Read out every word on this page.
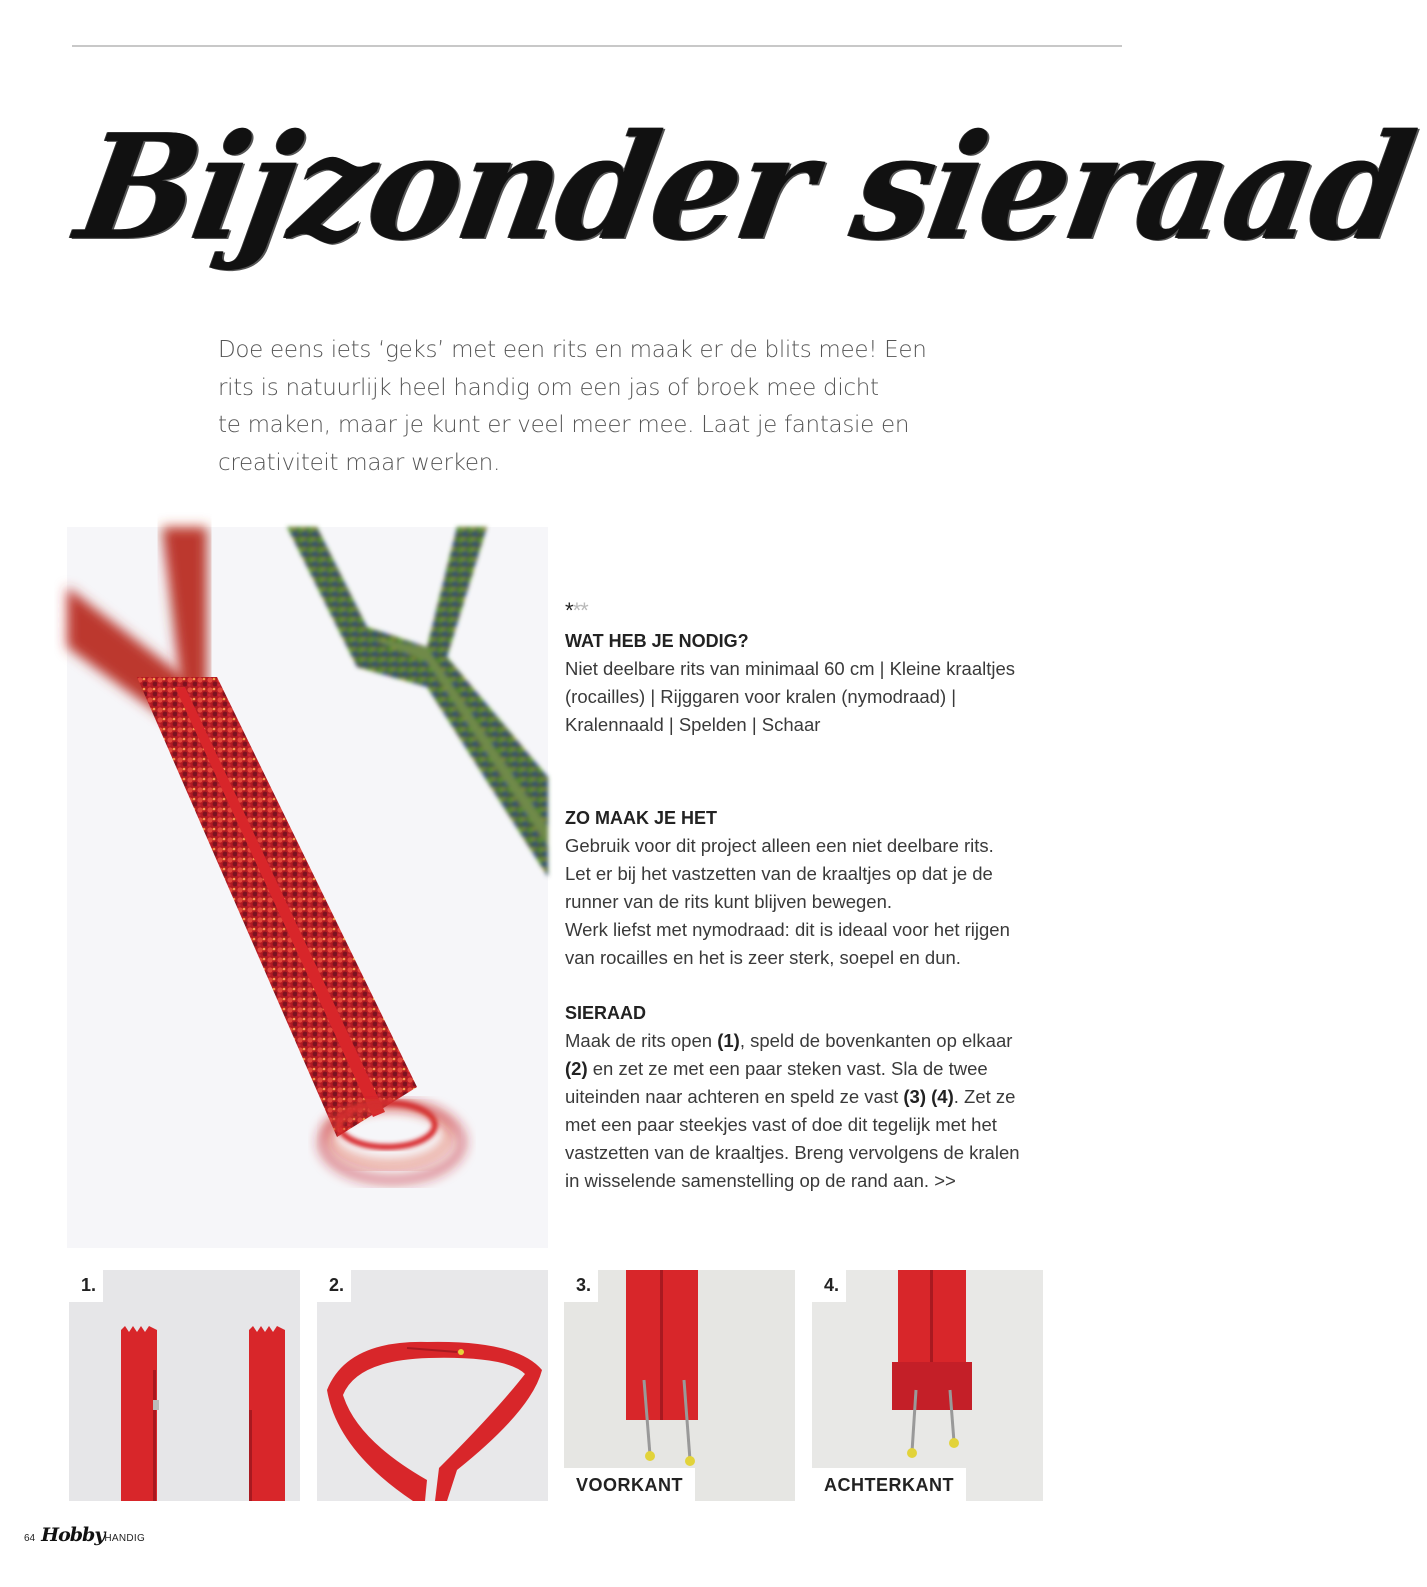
Bijzonder sieraad
Doe eens iets ‘geks’ met een rits en maak er de blits mee! Een
rits is natuurlijk heel handig om een jas of broek mee dicht
te maken, maar je kunt er veel meer mee. Laat je fantasie en
creativiteit maar werken.
***
WAT HEB JE NODIG?
Niet deelbare rits van minimaal 60 cm | Kleine kraaltjes
(rocailles) | Rijggaren voor kralen (nymodraad) |
Kralennaald | Spelden | Schaar
ZO MAAK JE HET
Gebruik voor dit project alleen een niet deelbare rits.
Let er bij het vastzetten van de kraaltjes op dat je de
runner van de rits kunt blijven bewegen.
Werk liefst met nymodraad: dit is ideaal voor het rijgen
van rocailles en het is zeer sterk, soepel en dun.
SIERAAD
Maak de rits open (1), speld de bovenkanten op elkaar
(2) en zet ze met een paar steken vast. Sla de twee
uiteinden naar achteren en speld ze vast (3) (4). Zet ze
met een paar steekjes vast of doe dit tegelijk met het
vastzetten van de kraaltjes. Breng vervolgens de kralen
in wisselende samenstelling op de rand aan. >>
1.	2.	3.
VOORKANT
4.
ACHTERKANT
64 Hobby HANDIG
